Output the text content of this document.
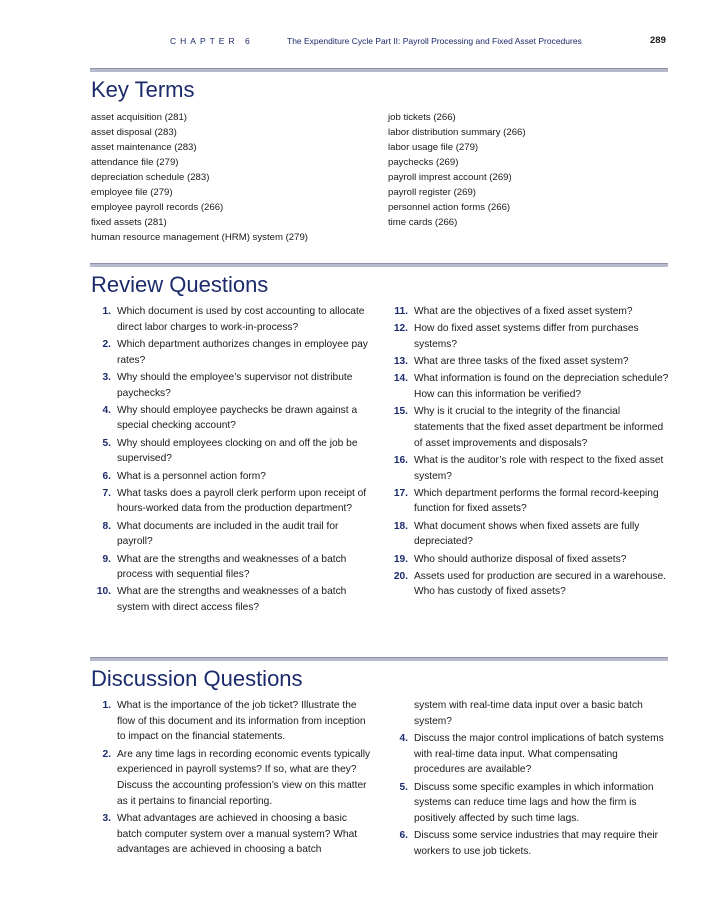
CHAPTER 6	The Expenditure Cycle Part II: Payroll Processing and Fixed Asset Procedures	289
Key Terms
asset acquisition (281)
asset disposal (283)
asset maintenance (283)
attendance file (279)
depreciation schedule (283)
employee file (279)
employee payroll records (266)
fixed assets (281)
human resource management (HRM) system (279)
job tickets (266)
labor distribution summary (266)
labor usage file (279)
paychecks (269)
payroll imprest account (269)
payroll register (269)
personnel action forms (266)
time cards (266)
Review Questions
1. Which document is used by cost accounting to allocate direct labor charges to work-in-process?
2. Which department authorizes changes in employee pay rates?
3. Why should the employee’s supervisor not distribute paychecks?
4. Why should employee paychecks be drawn against a special checking account?
5. Why should employees clocking on and off the job be supervised?
6. What is a personnel action form?
7. What tasks does a payroll clerk perform upon receipt of hours-worked data from the production department?
8. What documents are included in the audit trail for payroll?
9. What are the strengths and weaknesses of a batch process with sequential files?
10. What are the strengths and weaknesses of a batch system with direct access files?
11. What are the objectives of a fixed asset system?
12. How do fixed asset systems differ from purchases systems?
13. What are three tasks of the fixed asset system?
14. What information is found on the depreciation schedule? How can this information be verified?
15. Why is it crucial to the integrity of the financial statements that the fixed asset department be informed of asset improvements and disposals?
16. What is the auditor’s role with respect to the fixed asset system?
17. Which department performs the formal record-keeping function for fixed assets?
18. What document shows when fixed assets are fully depreciated?
19. Who should authorize disposal of fixed assets?
20. Assets used for production are secured in a warehouse. Who has custody of fixed assets?
Discussion Questions
1. What is the importance of the job ticket? Illustrate the flow of this document and its information from inception to impact on the financial statements.
2. Are any time lags in recording economic events typically experienced in payroll systems? If so, what are they? Discuss the accounting profession’s view on this matter as it pertains to financial reporting.
3. What advantages are achieved in choosing a basic batch computer system over a manual system? What advantages are achieved in choosing a batch
system with real-time data input over a basic batch system?
4. Discuss the major control implications of batch systems with real-time data input. What compensating procedures are available?
5. Discuss some specific examples in which information systems can reduce time lags and how the firm is positively affected by such time lags.
6. Discuss some service industries that may require their workers to use job tickets.
